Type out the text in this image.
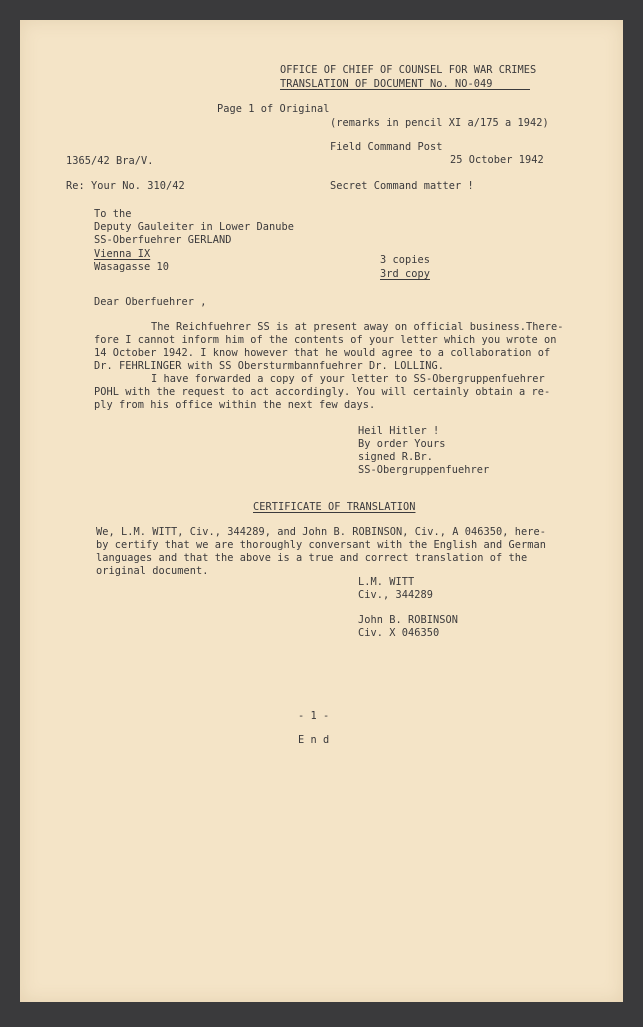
OFFICE OF CHIEF OF COUNSEL FOR WAR CRIMES

TRANSLATION OF DOCUMENT No. NO-049 _ _ _

Page 1 of Original

(remarks in pencil XI a/175 a 1942)

Field Command Post

1365/42 Bra/V.	25 October 1942

Re: Your No. 310/42	Secret Command matter !

To the

Deputy Gauleiter in Lower Danube

SS-Oberfuehrer GERLAND

Vienna IX

Wasagasse 10

3 copies

3rd copy

Dear Oberfuehrer ,

The Reichfuehrer SS is at present away on official business.There-

fore I cannot inform him of the contents of your letter which you wrote on

14 October 1942. I know however that he would agree to a collaboration of

Dr. FEHRLINGER with SS Obersturmbannfuehrer Dr. LOLLING.

I have forwarded a copy of your letter to SS-Obergruppenfuehrer

POHL with the request to act accordingly. You will certainly obtain a re-

ply from his office within the next few days.

Heil Hitler !

By order Yours

signed R.Br.

SS-Obergruppenfuehrer

CERTIFICATE OF TRANSLATION

We, L.M. WITT, Civ., 344289, and John B. ROBINSON, Civ., A 046350, here-

by certify that we are thoroughly conversant with the English and German

languages and that the above is a true and correct translation of the

original document.

L.M. WITT

Civ., 344289

John B. ROBINSON

Civ. X 046350

- 1 -

E n d
